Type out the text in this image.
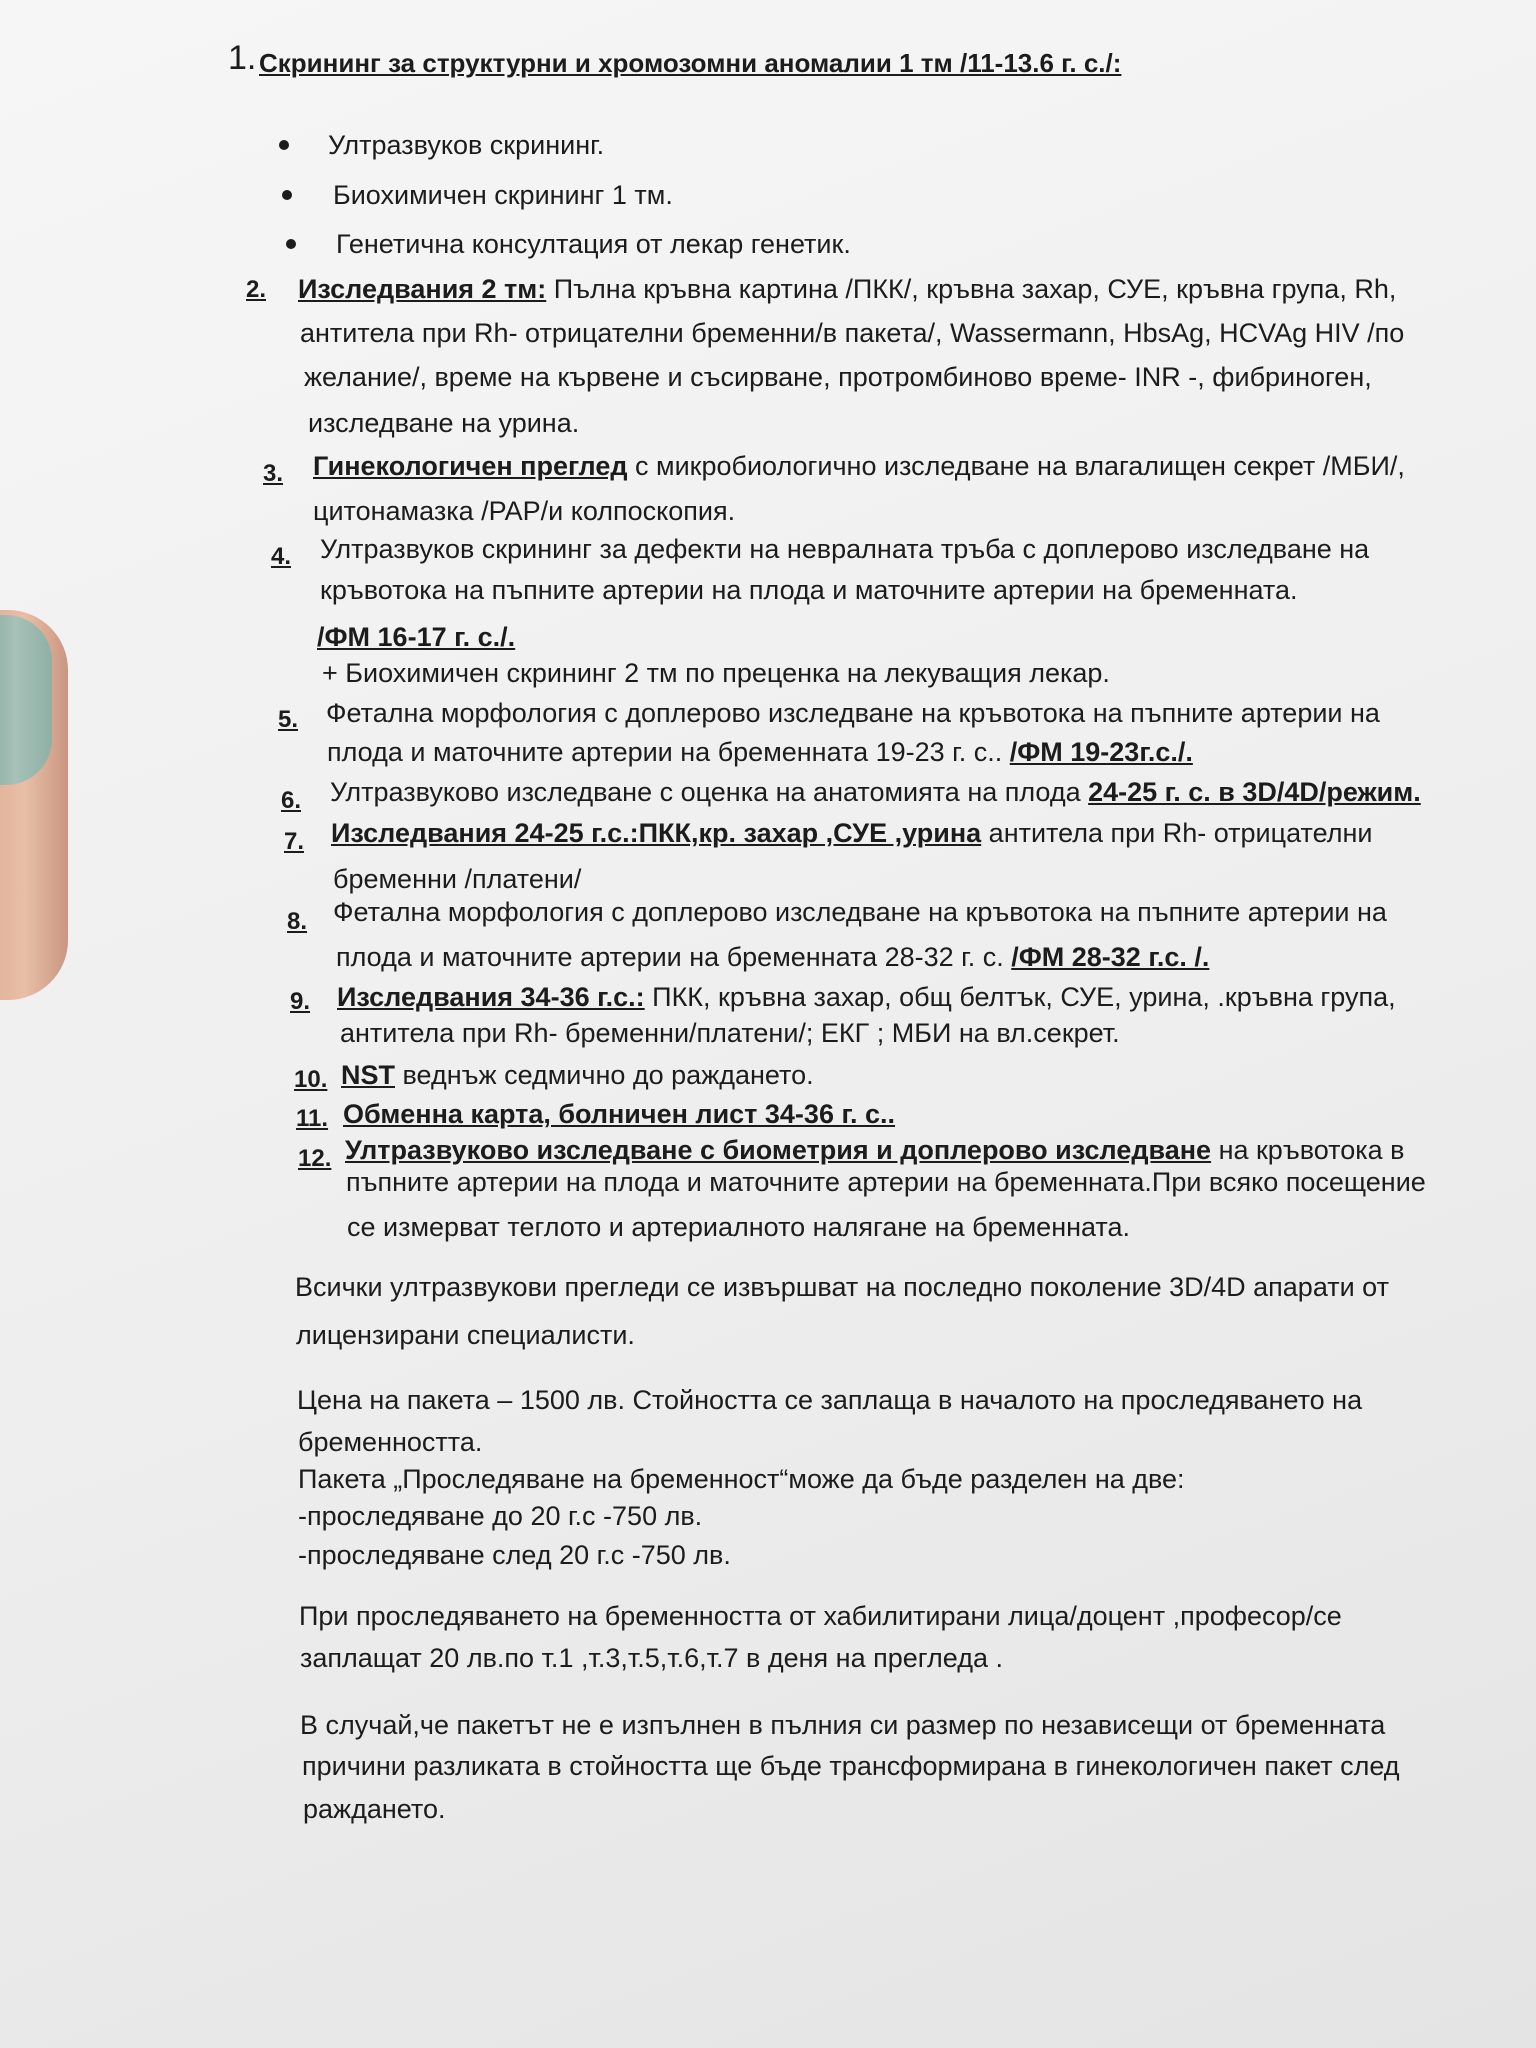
1. Скрининг за структурни и хромозомни аномалии 1 тм /11-13.6 г. с./:
Ултразвуков скрининг.
Биохимичен скрининг 1 тм.
Генетична консултация от лекар генетик.
2. Изследвания 2 тм: Пълна кръвна картина /ПКК/, кръвна захар, СУЕ, кръвна група, Rh,
антитела при Rh- отрицателни бременни/в пакета/, Wassermann, HbsAg, HCVAg HIV /по
желание/, време на кървене и съсирване, протромбиново време- INR -, фибриноген,
изследване на урина.
3. Гинекологичен преглед с микробиологично изследване на влагалищен секрет /МБИ/,
цитонамазка /PAP/и колпоскопия.
4. Ултразвуков скрининг за дефекти на невралната тръба с доплерово изследване на
кръвотока на пъпните артерии на плода и маточните артерии на бременната.
/ФМ 16-17 г. с./.
+ Биохимичен скрининг 2 тм по преценка на лекуващия лекар.
5. Фетална морфология с доплерово изследване на кръвотока на пъпните артерии на
плода и маточните артерии на бременната 19-23 г. с.. /ФМ 19-23г.с./.
6. Ултразвуково изследване с оценка на анатомията на плода 24-25 г. с. в 3D/4D/режим.
7. Изследвания 24-25 г.с.:ПКК,кр. захар ,СУЕ ,урина антитела при Rh- отрицателни
бременни /платени/
8. Фетална морфология с доплерово изследване на кръвотока на пъпните артерии на
плода и маточните артерии на бременната 28-32 г. с. /ФМ 28-32 г.с. /.
9. Изследвания 34-36 г.с.: ПКК, кръвна захар, общ белтък, СУЕ, урина, .кръвна група,
антитела при Rh- бременни/платени/; ЕКГ ; МБИ на вл.секрет.
10. NST веднъж седмично до раждането.
11. Обменна карта, болничен лист 34-36 г. с..
12. Ултразвуково изследване с биометрия и доплерово изследване на кръвотока в
пъпните артерии на плода и маточните артерии на бременната.При всяко посещение
се измерват теглото и артериалното налягане на бременната.
Всички ултразвукови прегледи се извършват на последно поколение 3D/4D апарати от
лицензирани специалисти.
Цена на пакета – 1500 лв. Стойността се заплаща в началото на проследяването на
бременността.
Пакета „Проследяване на бременност“може да бъде разделен на две:
-проследяване до 20 г.с -750 лв.
-проследяване след 20 г.с -750 лв.
При проследяването на бременността от хабилитирани лица/доцент ,професор/се
заплащат 20 лв.по т.1 ,т.3,т.5,т.6,т.7 в деня на прегледа .
В случай,че пакетът не е изпълнен в пълния си размер по независещи от бременната
причини разликата в стойността ще бъде трансформирана в гинекологичен пакет след
раждането.
